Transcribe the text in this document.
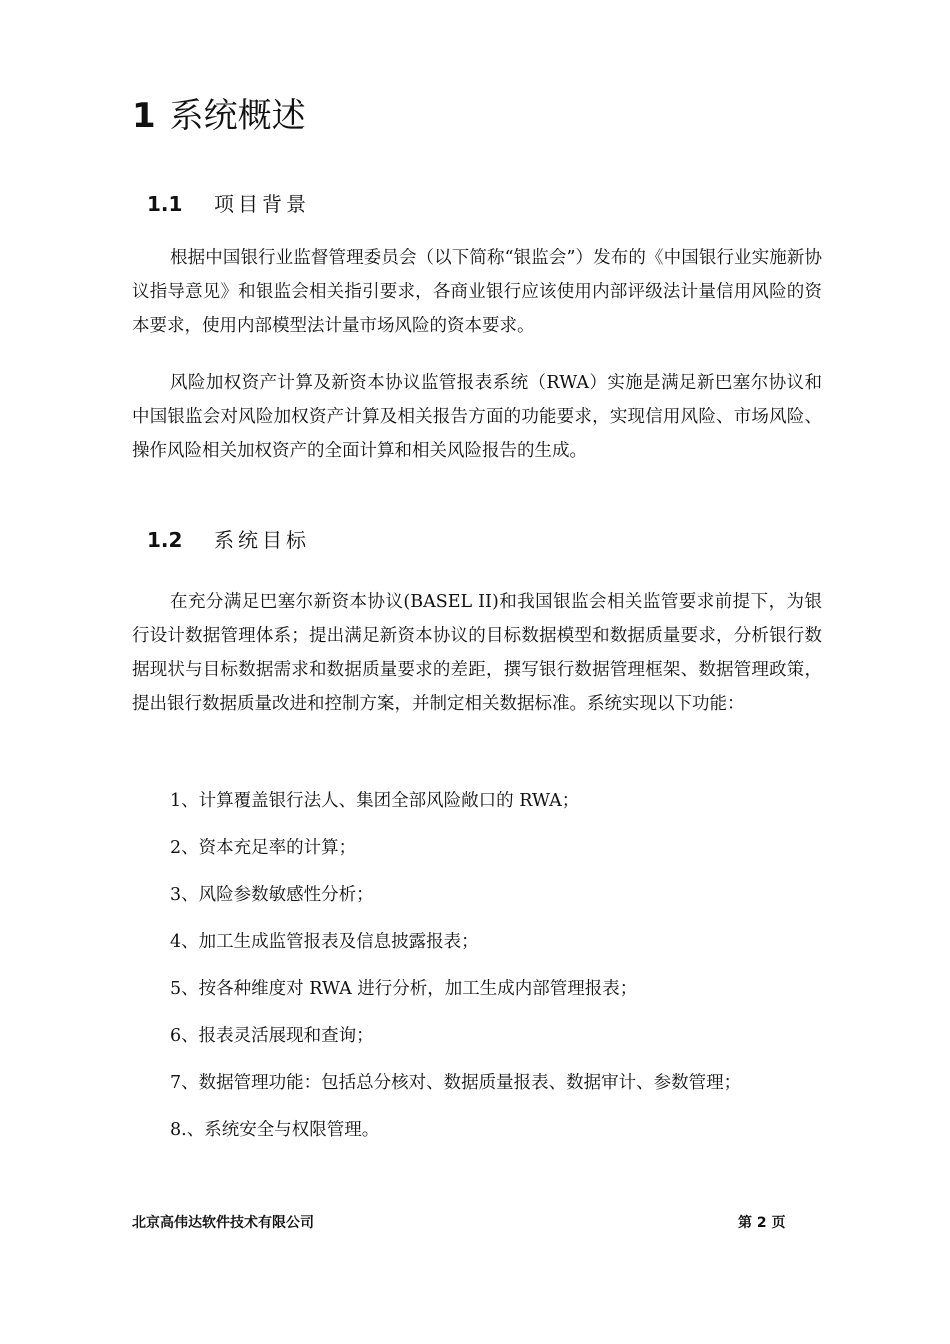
1 系统概述
1.1 项目背景

根据中国银行业监督管理委员会（以下简称“银监会”）发布的《中国银行业实施新协议指导意见》和银监会相关指引要求，各商业银行应该使用内部评级法计量信用风险的资本要求，使用内部模型法计量市场风险的资本要求。

风险加权资产计算及新资本协议监管报表系统（RWA）实施是满足新巴塞尔协议和中国银监会对风险加权资产计算及相关报告方面的功能要求，实现信用风险、市场风险、操作风险相关加权资产的全面计算和相关风险报告的生成。

1.2 系统目标

在充分满足巴塞尔新资本协议(BASEL II)和我国银监会相关监管要求前提下，为银行设计数据管理体系；提出满足新资本协议的目标数据模型和数据质量要求，分析银行数据现状与目标数据需求和数据质量要求的差距，撰写银行数据管理框架、数据管理政策，提出银行数据质量改进和控制方案，并制定相关数据标准。系统实现以下功能：

1、计算覆盖银行法人、集团全部风险敞口的 RWA；
2、资本充足率的计算；
3、风险参数敏感性分析；
4、加工生成监管报表及信息披露报表；
5、按各种维度对 RWA 进行分析，加工生成内部管理报表；
6、报表灵活展现和查询；
7、数据管理功能：包括总分核对、数据质量报表、数据审计、参数管理；
8.、系统安全与权限管理。
北京高伟达软件技术有限公司	第 2 页
